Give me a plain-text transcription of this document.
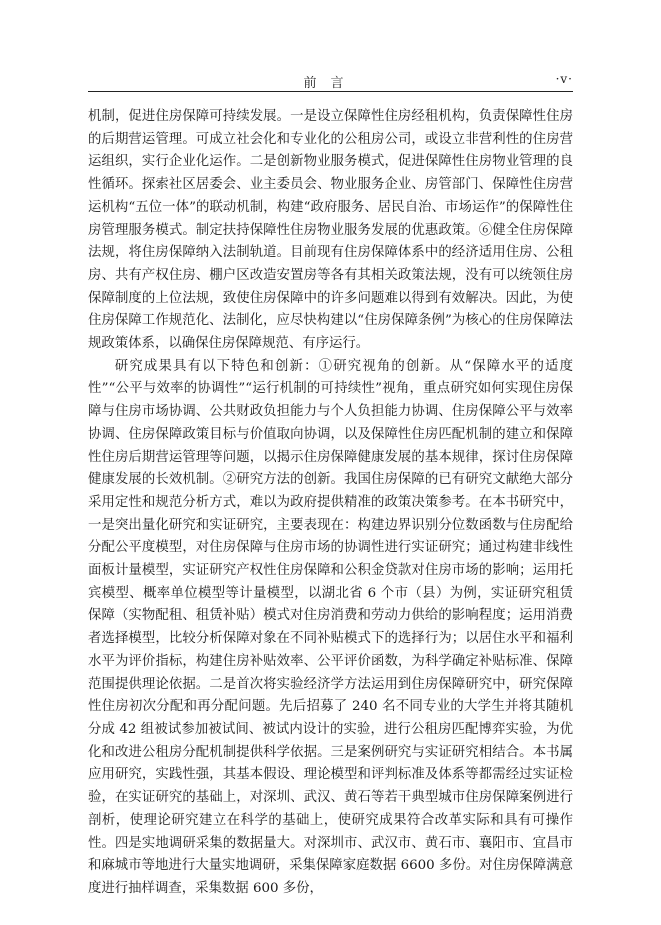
前言	·v·

机制，促进住房保障可持续发展。一是设立保障性住房经租机构，负责保障性住房的后期营运管理。可成立社会化和专业化的公租房公司，或设立非营利性的住房营运组织，实行企业化运作。二是创新物业服务模式，促进保障性住房物业管理的良性循环。探索社区居委会、业主委员会、物业服务企业、房管部门、保障性住房营运机构“五位一体”的联动机制，构建“政府服务、居民自治、市场运作”的保障性住房管理服务模式。制定扶持保障性住房物业服务发展的优惠政策。⑥健全住房保障法规，将住房保障纳入法制轨道。目前现有住房保障体系中的经济适用住房、公租房、共有产权住房、棚户区改造安置房等各有其相关政策法规，没有可以统领住房保障制度的上位法规，致使住房保障中的许多问题难以得到有效解决。因此，为使住房保障工作规范化、法制化，应尽快构建以“住房保障条例”为核心的住房保障法规政策体系，以确保住房保障规范、有序运行。

研究成果具有以下特色和创新：①研究视角的创新。从“保障水平的适度性”“公平与效率的协调性”“运行机制的可持续性”视角，重点研究如何实现住房保障与住房市场协调、公共财政负担能力与个人负担能力协调、住房保障公平与效率协调、住房保障政策目标与价值取向协调，以及保障性住房匹配机制的建立和保障性住房后期营运管理等问题，以揭示住房保障健康发展的基本规律，探讨住房保障健康发展的长效机制。②研究方法的创新。我国住房保障的已有研究文献绝大部分采用定性和规范分析方式，难以为政府提供精准的政策决策参考。在本书研究中，一是突出量化研究和实证研究，主要表现在：构建边界识别分位数函数与住房配给分配公平度模型，对住房保障与住房市场的协调性进行实证研究；通过构建非线性面板计量模型，实证研究产权性住房保障和公积金贷款对住房市场的影响；运用托宾模型、概率单位模型等计量模型，以湖北省 6 个市（县）为例，实证研究租赁保障（实物配租、租赁补贴）模式对住房消费和劳动力供给的影响程度；运用消费者选择模型，比较分析保障对象在不同补贴模式下的选择行为；以居住水平和福利水平为评价指标，构建住房补贴效率、公平评价函数，为科学确定补贴标准、保障范围提供理论依据。二是首次将实验经济学方法运用到住房保障研究中，研究保障性住房初次分配和再分配问题。先后招募了 240 名不同专业的大学生并将其随机分成 42 组被试参加被试间、被试内设计的实验，进行公租房匹配博弈实验，为优化和改进公租房分配机制提供科学依据。三是案例研究与实证研究相结合。本书属应用研究，实践性强，其基本假设、理论模型和评判标准及体系等都需经过实证检验，在实证研究的基础上，对深圳、武汉、黄石等若干典型城市住房保障案例进行剖析，使理论研究建立在科学的基础上，使研究成果符合改革实际和具有可操作性。四是实地调研采集的数据量大。对深圳市、武汉市、黄石市、襄阳市、宜昌市和麻城市等地进行大量实地调研，采集保障家庭数据 6600 多份。对住房保障满意度进行抽样调查，采集数据 600 多份，
